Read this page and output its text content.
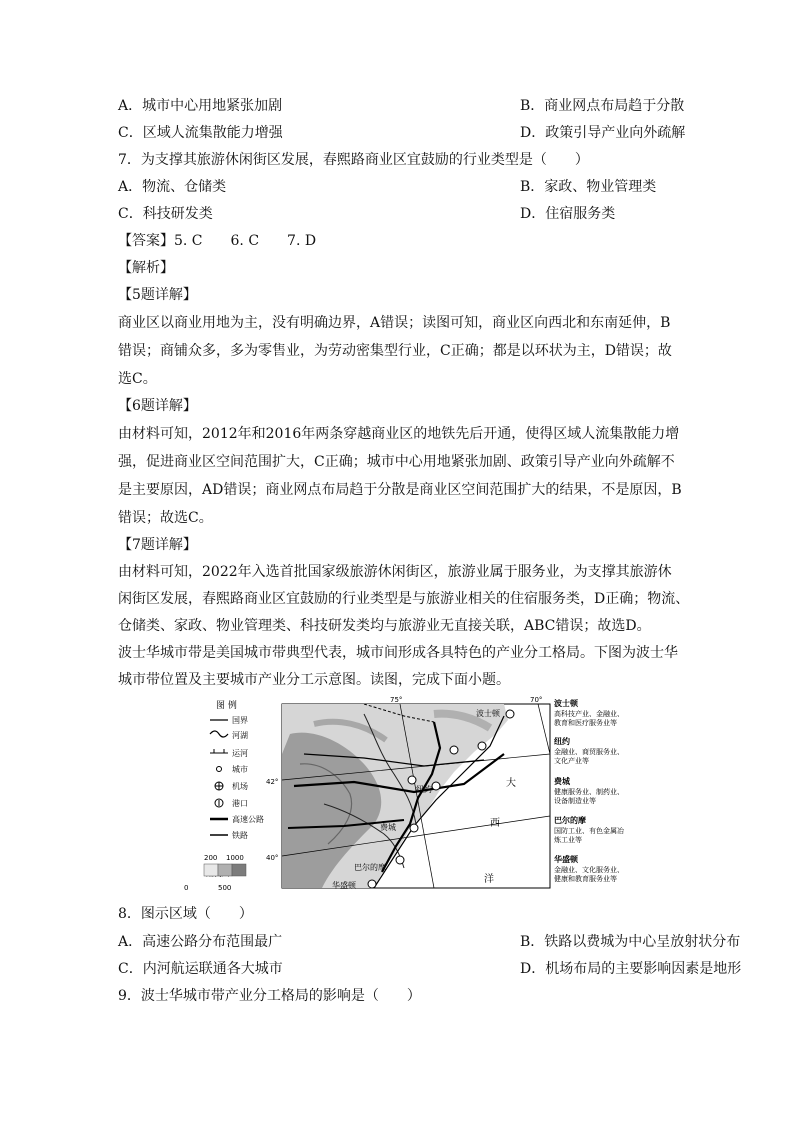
A．城市中心用地紧张加剧	B．商业网点布局趋于分散
C．区域人流集散能力增强	D．政策引导产业向外疏解
7．为支撑其旅游休闲街区发展，春熙路商业区宜鼓励的行业类型是（　　）
A．物流、仓储类	B．家政、物业管理类
C．科技研发类	D．住宿服务类
【答案】5. C　　6. C　　7. D
【解析】
【5题详解】
商业区以商业用地为主，没有明确边界，A错误；读图可知，商业区向西北和东南延伸，B
错误；商铺众多，多为零售业，为劳动密集型行业，C正确；都是以环状为主，D错误；故
选C。
【6题详解】
由材料可知，2012年和2016年两条穿越商业区的地铁先后开通，使得区域人流集散能力增
强，促进商业区空间范围扩大，C正确；城市中心用地紧张加剧、政策引导产业向外疏解不
是主要原因，AD错误；商业网点布局趋于分散是商业区空间范围扩大的结果，不是原因，B
错误；故选C。
【7题详解】
由材料可知，2022年入选首批国家级旅游休闲街区，旅游业属于服务业，为支撑其旅游休
闲街区发展，春熙路商业区宜鼓励的行业类型是与旅游业相关的住宿服务类，D正确；物流、
仓储类、家政、物业管理类、科技研发类均与旅游业无直接关联，ABC错误；故选D。
波士华城市带是美国城市带典型代表，城市间形成各具特色的产业分工格局。下图为波士华
城市带位置及主要城市产业分工示意图。读图，完成下面小题。
图 例
国界
河湖
运河
城市
机场
港口
高速公路
铁路
200 1000
0	500
42°
40°
75°	70°
大
西
洋
波士顿
纽约
费城
巴尔的摩
华盛顿
波士顿
高科技产业、金融业、
教育和医疗服务业等
纽约
金融业、商贸服务业、
文化产业等
费城
健康服务业、制药业、
设备制造业等
巴尔的摩
国防工业、有色金属冶
炼工业等
华盛顿
金融业、文化服务业、
健康和教育服务业等
8．图示区域（　　）
A．高速公路分布范围最广	B．铁路以费城为中心呈放射状分布
C．内河航运联通各大城市	D．机场布局的主要影响因素是地形
9．波士华城市带产业分工格局的影响是（　　）
